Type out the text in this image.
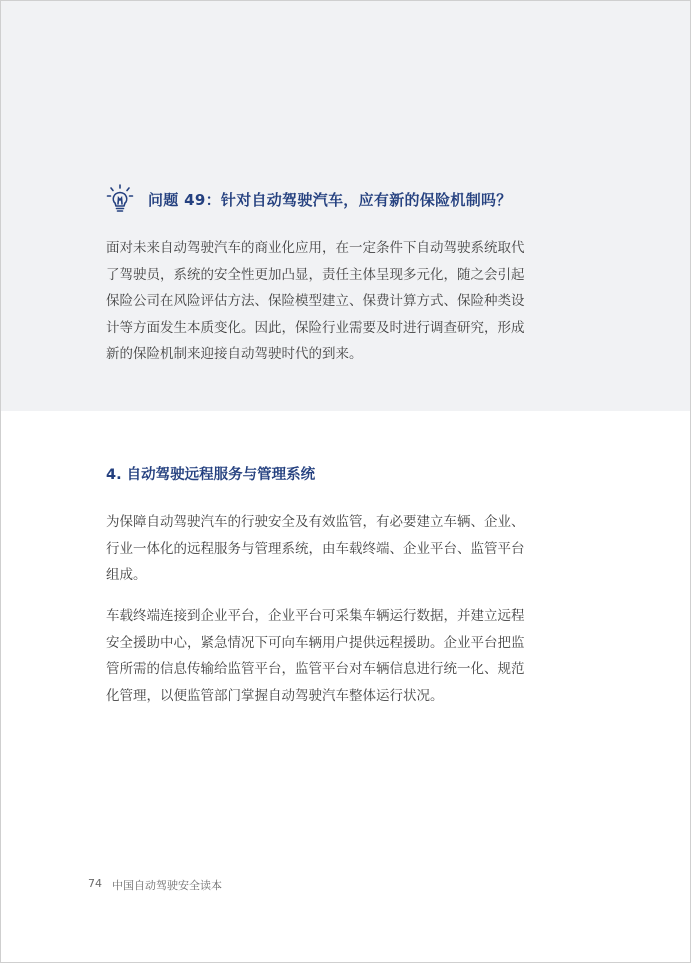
问题 49：针对自动驾驶汽车，应有新的保险机制吗？
面对未来自动驾驶汽车的商业化应用，在一定条件下自动驾驶系统取代
了驾驶员，系统的安全性更加凸显，责任主体呈现多元化，随之会引起
保险公司在风险评估方法、保险模型建立、保费计算方式、保险种类设
计等方面发生本质变化。因此，保险行业需要及时进行调查研究，形成
新的保险机制来迎接自动驾驶时代的到来。
4. 自动驾驶远程服务与管理系统
为保障自动驾驶汽车的行驶安全及有效监管，有必要建立车辆、企业、
行业一体化的远程服务与管理系统，由车载终端、企业平台、监管平台
组成。
车载终端连接到企业平台，企业平台可采集车辆运行数据，并建立远程
安全援助中心，紧急情况下可向车辆用户提供远程援助。企业平台把监
管所需的信息传输给监管平台，监管平台对车辆信息进行统一化、规范
化管理，以便监管部门掌握自动驾驶汽车整体运行状况。
74 中国自动驾驶安全读本
